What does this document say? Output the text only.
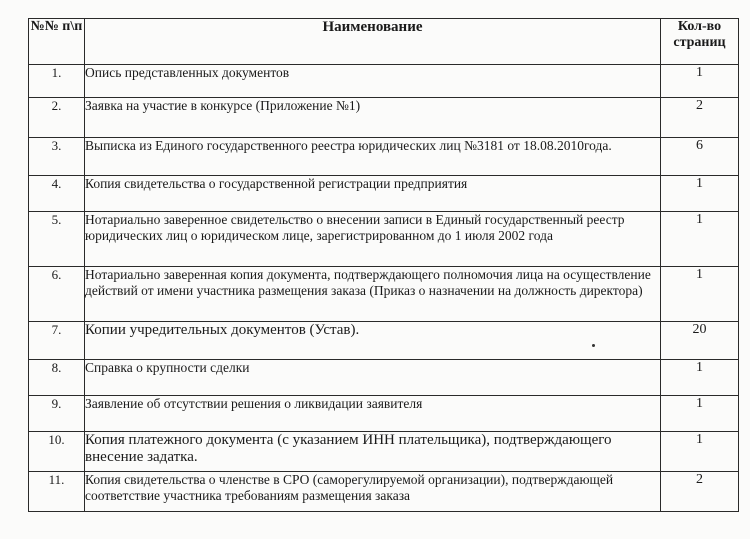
№№ п\п	Наименование	Кол-во страниц
1.	Опись представленных документов	1
2.	Заявка на участие в конкурсе (Приложение №1)	2
3.	Выписка из Единого государственного реестра юридических лиц №3181 от 18.08.2010года.	6
4.	Копия свидетельства о государственной регистрации предприятия	1
5.	Нотариально заверенное свидетельство о внесении записи в Единый государственный реестр юридических лиц о юридическом лице, зарегистрированном до 1 июля 2002 года	1
6.	Нотариально заверенная копия документа, подтверждающего полномочия лица на осуществление действий от имени участника размещения заказа (Приказ о назначении на должность директора)	1
7.	Копии учредительных документов (Устав).	20
8.	Справка о крупности сделки	1
9.	Заявление об отсутствии решения о ликвидации заявителя	1
10.	Копия платежного документа (с указанием ИНН плательщика), подтверждающего внесение задатка.	1
11.	Копия свидетельства о членстве в СРО (саморегулируемой организации), подтверждающей соответствие участника требованиям размещения заказа	2
